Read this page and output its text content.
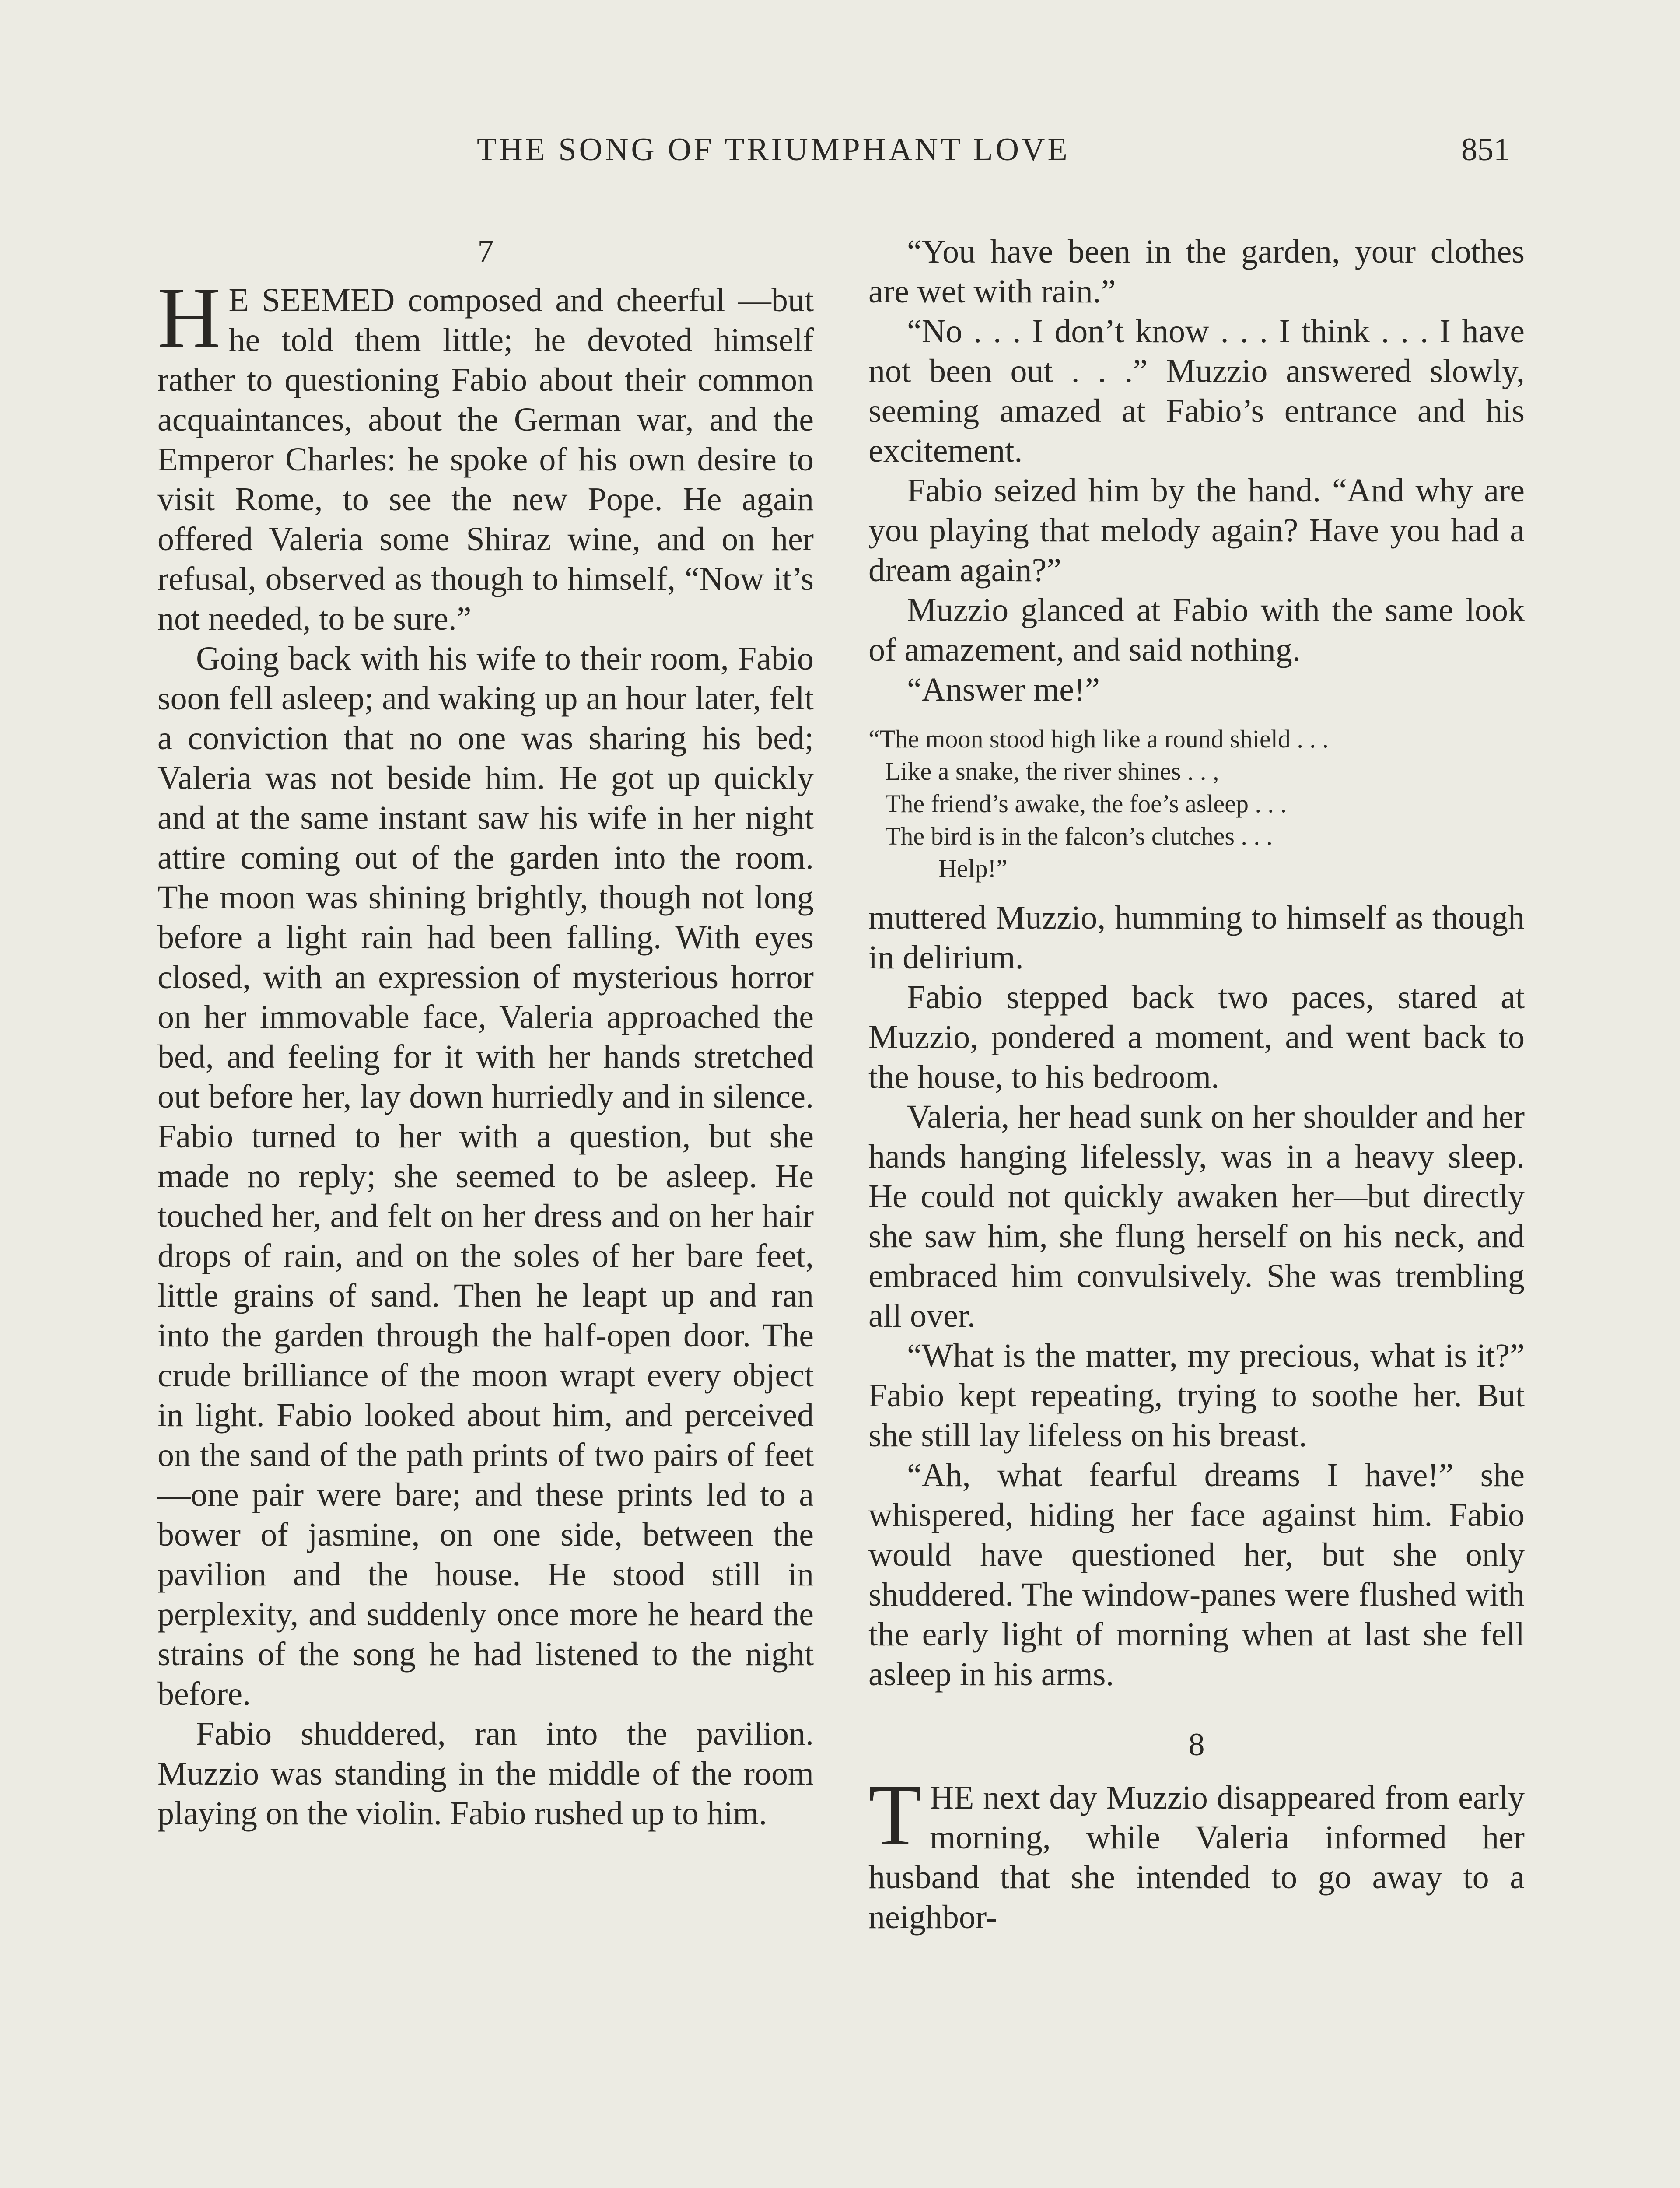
THE SONG OF TRIUMPHANT LOVE	851
7

H E SEEMED composed and cheerful —but he told them little; he devoted himself rather to questioning Fabio about their common acquaintances, about the German war, and the Emperor Charles: he spoke of his own desire to visit Rome, to see the new Pope. He again offered Valeria some Shiraz wine, and on her refusal, observed as though to himself, “Now it’s not needed, to be sure.”

Going back with his wife to their room, Fabio soon fell asleep; and waking up an hour later, felt a conviction that no one was sharing his bed; Valeria was not beside him. He got up quickly and at the same instant saw his wife in her night attire coming out of the garden into the room. The moon was shining brightly, though not long before a light rain had been falling. With eyes closed, with an expression of mysterious horror on her immovable face, Valeria approached the bed, and feeling for it with her hands stretched out before her, lay down hurriedly and in silence. Fabio turned to her with a question, but she made no reply; she seemed to be asleep. He touched her, and felt on her dress and on her hair drops of rain, and on the soles of her bare feet, little grains of sand. Then he leapt up and ran into the garden through the half-open door. The crude brilliance of the moon wrapt every object in light. Fabio looked about him, and perceived on the sand of the path prints of two pairs of feet—one pair were bare; and these prints led to a bower of jasmine, on one side, between the pavilion and the house. He stood still in perplexity, and suddenly once more he heard the strains of the song he had listened to the night before.

Fabio shuddered, ran into the pavilion. Muzzio was standing in the middle of the room playing on the violin. Fabio rushed up to him.

“You have been in the garden, your clothes are wet with rain.”

“No . . . I don’t know . . . I think . . . I have not been out . . .” Muzzio answered slowly, seeming amazed at Fabio’s entrance and his excitement.

Fabio seized him by the hand. “And why are you playing that melody again? Have you had a dream again?”

Muzzio glanced at Fabio with the same look of amazement, and said nothing.

“Answer me!”

“The moon stood high like a round shield . . .
Like a snake, the river shines . . ,
The friend’s awake, the foe’s asleep . . .
The bird is in the falcon’s clutches . . .
Help!”

muttered Muzzio, humming to himself as though in delirium.

Fabio stepped back two paces, stared at Muzzio, pondered a moment, and went back to the house, to his bedroom.

Valeria, her head sunk on her shoulder and her hands hanging lifelessly, was in a heavy sleep. He could not quickly awaken her—but directly she saw him, she flung herself on his neck, and embraced him convulsively. She was trembling all over.

“What is the matter, my precious, what is it?” Fabio kept repeating, trying to soothe her. But she still lay lifeless on his breast.

“Ah, what fearful dreams I have!” she whispered, hiding her face against him. Fabio would have questioned her, but she only shuddered. The window-panes were flushed with the early light of morning when at last she fell asleep in his arms.

8

THE next day Muzzio disappeared from early morning, while Valeria informed her husband that she intended to go away to a neighbor-
